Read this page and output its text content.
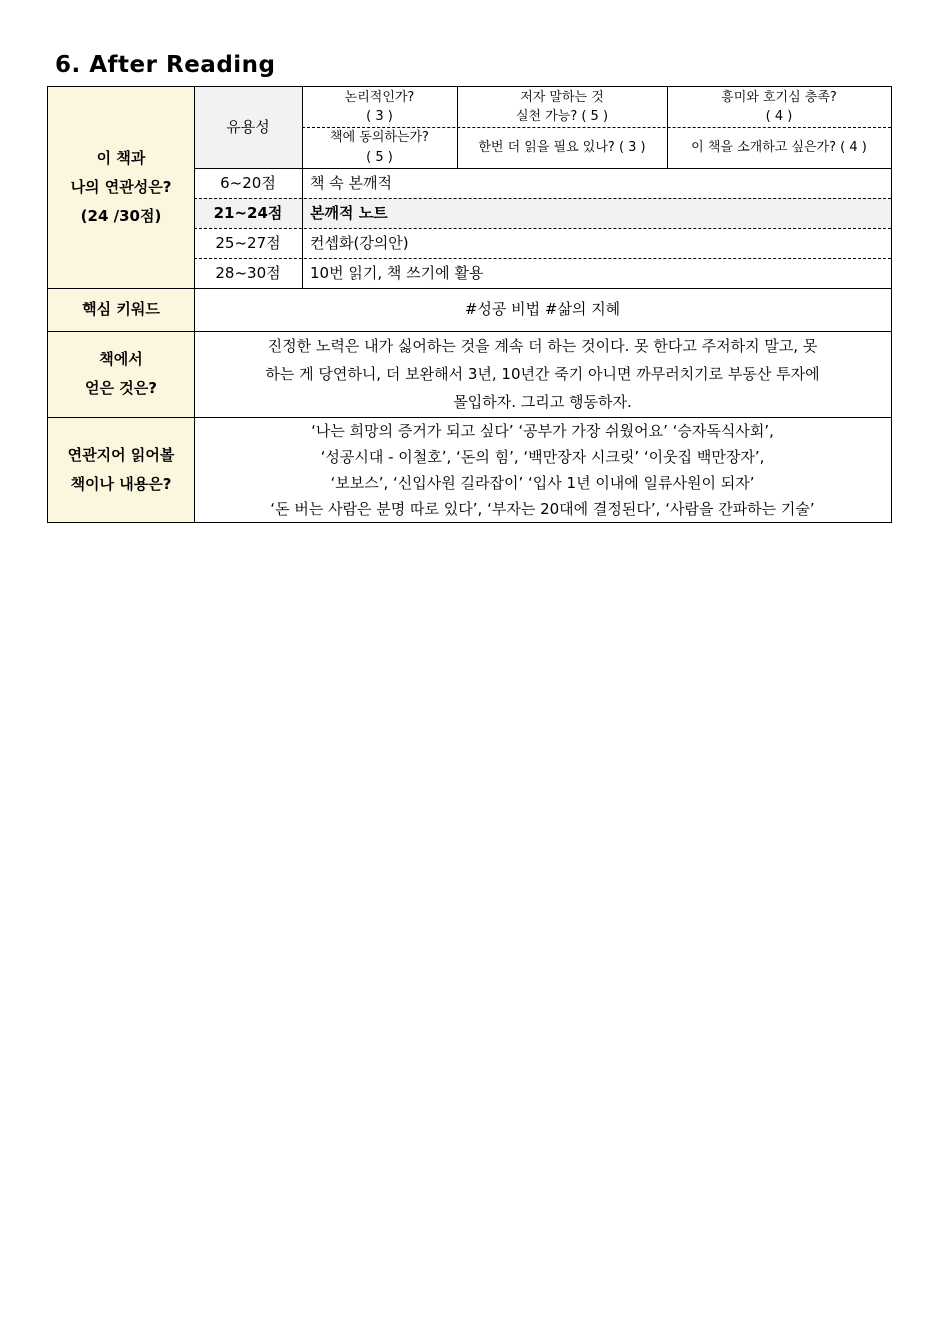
6. After Reading
이 책과
나의 연관성은?
(24 /30점)
유용성
논리적인가?
( 3 )
저자 말하는 것
실천 가능? ( 5 )
흥미와 호기심 충족?
( 4 )
책에 동의하는가?
( 5 )
한번 더 읽을 필요 있나? ( 3 )	이 책을 소개하고 싶은가? ( 4 )
6~20점 책 속 본깨적
21~24점 본깨적 노트
25~27점 컨셉화(강의안)
28~30점 10번 읽기, 책 쓰기에 활용
핵심 키워드	#성공 비법 #삶의 지혜
책에서
얻은 것은?
진정한 노력은 내가 싫어하는 것을 계속 더 하는 것이다. 못 한다고 주저하지 말고, 못
하는 게 당연하니, 더 보완해서 3년, 10년간 죽기 아니면 까무러치기로 부동산 투자에
몰입하자. 그리고 행동하자.
연관지어 읽어볼
책이나 내용은?
‘나는 희망의 증거가 되고 싶다’ ‘공부가 가장 쉬웠어요’ ‘승자독식사회’,
‘성공시대 - 이철호’, ‘돈의 힘’, ‘백만장자 시크릿’ ‘이웃집 백만장자’,
‘보보스’, ‘신입사원 길라잡이’ ‘입사 1년 이내에 일류사원이 되자’
‘돈 버는 사람은 분명 따로 있다’, ‘부자는 20대에 결정된다’, ‘사람을 간파하는 기술’
